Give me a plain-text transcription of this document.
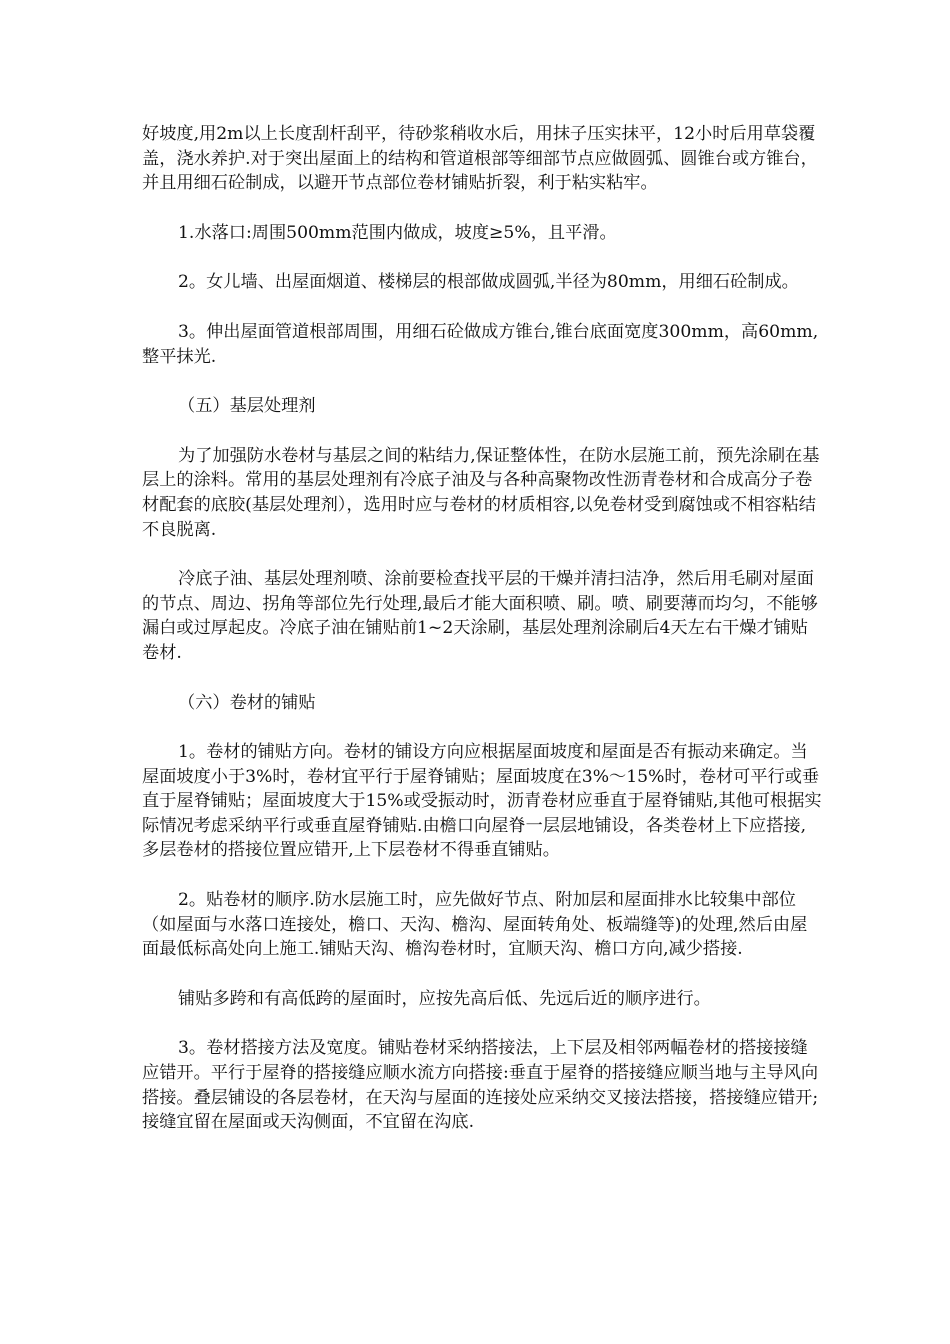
好坡度,用2m以上长度刮杆刮平，待砂浆稍收水后，用抹子压实抹平，12小时后用草袋覆盖，浇水养护.对于突出屋面上的结构和管道根部等细部节点应做圆弧、圆锥台或方锥台，并且用细石砼制成，以避开节点部位卷材铺贴折裂，利于粘实粘牢。

1.水落口:周围500mm范围内做成，坡度≥5%，且平滑。

2。女儿墙、出屋面烟道、楼梯层的根部做成圆弧,半径为80mm，用细石砼制成。

3。伸出屋面管道根部周围，用细石砼做成方锥台,锥台底面宽度300mm，高60mm,整平抹光.

（五）基层处理剂

为了加强防水卷材与基层之间的粘结力,保证整体性，在防水层施工前，预先涂刷在基层上的涂料。常用的基层处理剂有冷底子油及与各种高聚物改性沥青卷材和合成高分子卷材配套的底胶(基层处理剂），选用时应与卷材的材质相容,以免卷材受到腐蚀或不相容粘结不良脱离.

冷底子油、基层处理剂喷、涂前要检查找平层的干燥并清扫洁净，然后用毛刷对屋面的节点、周边、拐角等部位先行处理,最后才能大面积喷、刷。喷、刷要薄而均匀，不能够漏白或过厚起皮。冷底子油在铺贴前1~2天涂刷，基层处理剂涂刷后4天左右干燥才铺贴卷材.

（六）卷材的铺贴

1。卷材的铺贴方向。卷材的铺设方向应根据屋面坡度和屋面是否有振动来确定。当屋面坡度小于3%时，卷材宜平行于屋脊铺贴；屋面坡度在3%～15%时，卷材可平行或垂直于屋脊铺贴；屋面坡度大于15%或受振动时，沥青卷材应垂直于屋脊铺贴,其他可根据实际情况考虑采纳平行或垂直屋脊铺贴.由檐口向屋脊一层层地铺设，各类卷材上下应搭接,多层卷材的搭接位置应错开,上下层卷材不得垂直铺贴。

2。贴卷材的顺序.防水层施工时，应先做好节点、附加层和屋面排水比较集中部位（如屋面与水落口连接处，檐口、天沟、檐沟、屋面转角处、板端缝等)的处理,然后由屋面最低标高处向上施工.铺贴天沟、檐沟卷材时，宜顺天沟、檐口方向,减少搭接.

铺贴多跨和有高低跨的屋面时，应按先高后低、先远后近的顺序进行。

3。卷材搭接方法及宽度。铺贴卷材采纳搭接法，上下层及相邻两幅卷材的搭接接缝应错开。平行于屋脊的搭接缝应顺水流方向搭接:垂直于屋脊的搭接缝应顺当地与主导风向搭接。叠层铺设的各层卷材，在天沟与屋面的连接处应采纳交叉接法搭接，搭接缝应错开;接缝宜留在屋面或天沟侧面，不宜留在沟底.
